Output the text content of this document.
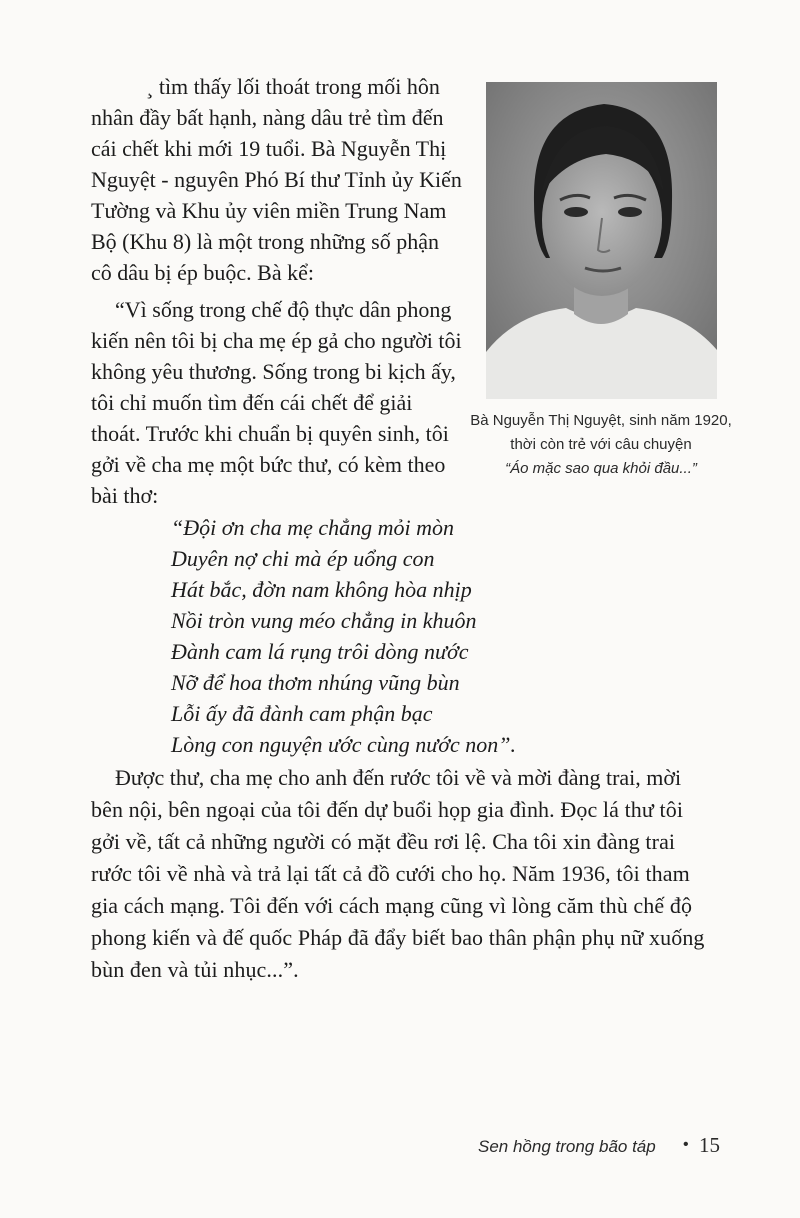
¸ tìm thấy lối thoát trong mối hôn
nhân đầy bất hạnh, nàng dâu trẻ tìm đến
cái chết khi mới 19 tuổi. Bà Nguyễn Thị
Nguyệt - nguyên Phó Bí thư Tỉnh ủy Kiến
Tường và Khu ủy viên miền Trung Nam
Bộ (Khu 8) là một trong những số phận
cô dâu bị ép buộc. Bà kể:
“Vì sống trong chế độ thực dân phong
kiến nên tôi bị cha mẹ ép gả cho người tôi
không yêu thương. Sống trong bi kịch ấy,
tôi chỉ muốn tìm đến cái chết để giải
thoát. Trước khi chuẩn bị quyên sinh, tôi
gởi về cha mẹ một bức thư, có kèm theo
bài thơ:
“Đội ơn cha mẹ chẳng mỏi mòn
Duyên nợ chi mà ép uổng con
Hát bắc, đờn nam không hòa nhịp
Nồi tròn vung méo chẳng in khuôn
Đành cam lá rụng trôi dòng nước
Nỡ để hoa thơm nhúng vũng bùn
Lỗi ấy đã đành cam phận bạc
Lòng con nguyện ước cùng nước non”.
Được thư, cha mẹ cho anh đến rước tôi về và mời đàng trai, mời
bên nội, bên ngoại của tôi đến dự buổi họp gia đình. Đọc lá thư tôi
gởi về, tất cả những người có mặt đều rơi lệ. Cha tôi xin đàng trai
rước tôi về nhà và trả lại tất cả đồ cưới cho họ. Năm 1936, tôi tham
gia cách mạng. Tôi đến với cách mạng cũng vì lòng căm thù chế độ
phong kiến và đế quốc Pháp đã đẩy biết bao thân phận phụ nữ xuống
bùn đen và tủi nhục...”.
Bà Nguyễn Thị Nguyệt, sinh năm 1920,
thời còn trẻ với câu chuyện
“Áo mặc sao qua khỏi đầu...”
Sen hồng trong bão táp • 15
